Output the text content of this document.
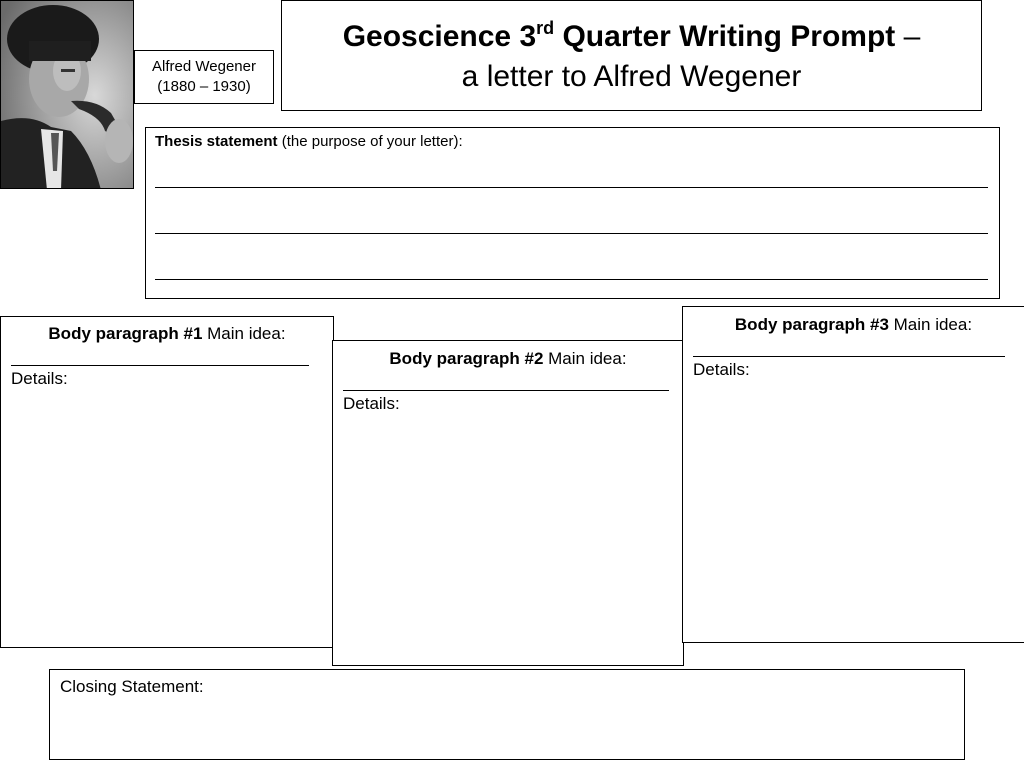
Alfred Wegener
(1880 – 1930)
Geoscience 3rd Quarter Writing Prompt –
a letter to Alfred Wegener
Thesis statement (the purpose of your letter):
Body paragraph #1 Main idea:
Details:
Body paragraph #2 Main idea:
Details:
Body paragraph #3 Main idea:
Details:
Closing Statement:
